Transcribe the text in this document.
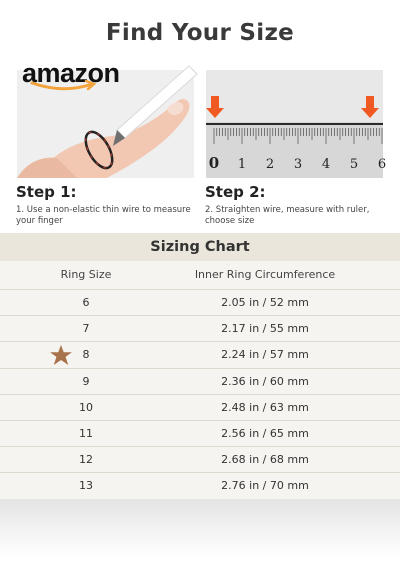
Find Your Size
amazon
0 1 2 3 4 5 6
Step 1:
1. Use a non-elastic thin wire to measure your finger
Step 2:
2. Straighten wire, measure with ruler, choose size
Sizing Chart
Ring Size	Inner Ring Circumference
6	2.05 in / 52 mm
7	2.17 in / 55 mm
8	2.24 in / 57 mm
9	2.36 in / 60 mm
10	2.48 in / 63 mm
11	2.56 in / 65 mm
12	2.68 in / 68 mm
13	2.76 in / 70 mm
